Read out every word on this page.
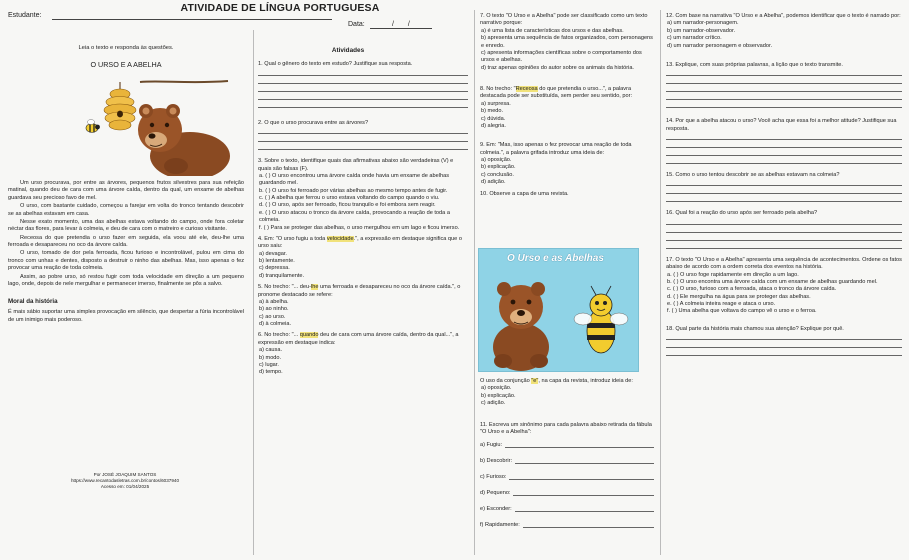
Estudante:
ATIVIDADE DE LÍNGUA PORTUGUESA
Data:	/ /
Leia o texto e responda às questões.
O URSO E A ABELHA

Um urso procurava, por entre as árvores, pequenos frutos silvestres para sua refeição matinal, quando deu de cara com uma árvore caída, dentro da qual, um enxame de abelhas guardava seu precioso favo de mel.

O urso, com bastante cuidado, começou a farejar em volta do tronco tentando descobrir se as abelhas estavam em casa.

Nesse exato momento, uma das abelhas estava voltando do campo, onde fora coletar néctar das flores, para levar à colmeia, e deu de cara com o matreiro e curioso visitante.

Receosa do que pretendia o urso fazer em seguida, ela voou até ele, deu-lhe uma ferroada e desapareceu no oco da árvore caída.

O urso, tomado de dor pela ferroada, ficou furioso e incontrolável, pulou em cima do tronco com unhas e dentes, disposto a destruir o ninho das abelhas. Mas, isso apenas o fez provocar uma reação de toda colmeia.

Assim, ao pobre urso, só restou fugir com toda velocidade em direção a um pequeno lago, onde, depois de nele mergulhar e permanecer imerso, finalmente se pôs a salvo.

Moral da história
É mais sábio suportar uma simples provocação em silêncio, que despertar a fúria incontrolável de um inimigo mais poderoso.
Por JOSÉ JOAQUIM SANTOS
https://www.recantodasletras.com.br/contos/6037940
Acesso em: 01/04/2025
Atividades
1. Qual o gênero do texto em estudo? Justifique sua resposta.
2. O que o urso procurava entre as árvores?
3. Sobre o texto, identifique quais das afirmativas abaixo são verdadeiras (V) e quais são falsas (F).
a. ( ) O urso encontrou uma árvore caída onde havia um enxame de abelhas guardando mel.
b. ( ) O urso foi ferroado por várias abelhas ao mesmo tempo antes de fugir.
c. ( ) A abelha que ferrou o urso estava voltando do campo quando o viu.
d. ( ) O urso, após ser ferroado, ficou tranquilo e foi embora sem reagir.
e. ( ) O urso atacou o tronco da árvore caída, provocando a reação de toda a colmeia.
f. ( ) Para se proteger das abelhas, o urso mergulhou em um lago e ficou imerso.
4. Em: "O urso fugiu a toda velocidade.", a expressão em destaque significa que o urso saiu:
a) devagar.
b) lentamente.
c) depressa.
d) tranquilamente.
5. No trecho: "... deu-lhe uma ferroada e desapareceu no oco da árvore caída.", o pronome destacado se refere:
a) à abelha.
b) ao ninho.
c) ao urso.
d) à colmeia.
6. No trecho: "... quando deu de cara com uma árvore caída, dentro da qual...", a expressão em destaque indica:
a) causa.
b) modo.
c) lugar.
d) tempo.
7. O texto "O Urso e a Abelha" pode ser classificado como um texto narrativo porque:
a) é uma lista de características dos ursos e das abelhas.
b) apresenta uma sequência de fatos organizados, com personagens e enredo.
c) apresenta informações científicas sobre o comportamento dos ursos e abelhas.
d) traz apenas opiniões do autor sobre os animais da história.
8. No trecho: "Receosa do que pretendia o urso...", a palavra destacada pode ser substituída, sem perder seu sentido, por:
a) surpresa.
b) medo.
c) dúvida.
d) alegria.
9. Em: "Mas, isso apenas o fez provocar uma reação de toda colmeia.", a palavra grifada introduz uma ideia de:
a) oposição.
b) explicação.
c) conclusão.
d) adição.
10. Observe a capa de uma revista.
O Urso e as Abelhas
O uso da conjunção "e", na capa da revista, introduz ideia de:
a) oposição.
b) explicação.
c) adição.
11. Escreva um sinônimo para cada palavra abaixo retirada da fábula "O Urso e a Abelha":
a) Fugiu:
b) Descobrir:
c) Furioso:
d) Pequeno:
e) Esconder:
f) Rapidamente:
12. Com base na narrativa "O Urso e a Abelha", podemos identificar que o texto é narrado por:
a) um narrador-personagem.
b) um narrador-observador.
c) um narrador crítico.
d) um narrador personagem e observador.
13. Explique, com suas próprias palavras, a lição que o texto transmite.
14. Por que a abelha atacou o urso? Você acha que essa foi a melhor atitude? Justifique sua resposta.
15. Como o urso tentou descobrir se as abelhas estavam na colmeia?
16. Qual foi a reação do urso após ser ferroado pela abelha?
17. O texto "O Urso e a Abelha" apresenta uma sequência de acontecimentos. Ordene os fatos abaixo de acordo com a ordem correta dos eventos na história.
a. ( ) O urso foge rapidamente em direção a um lago.
b. ( ) O urso encontra uma árvore caída com um enxame de abelhas guardando mel.
c. ( ) O urso, furioso com a ferroada, ataca o tronco da árvore caída.
d. ( ) Ele mergulha na água para se proteger das abelhas.
e. ( ) A colmeia inteira reage e ataca o urso.
f. ( ) Uma abelha que voltava do campo vê o urso e o ferroa.
18. Qual parte da história mais chamou sua atenção? Explique por quê.
